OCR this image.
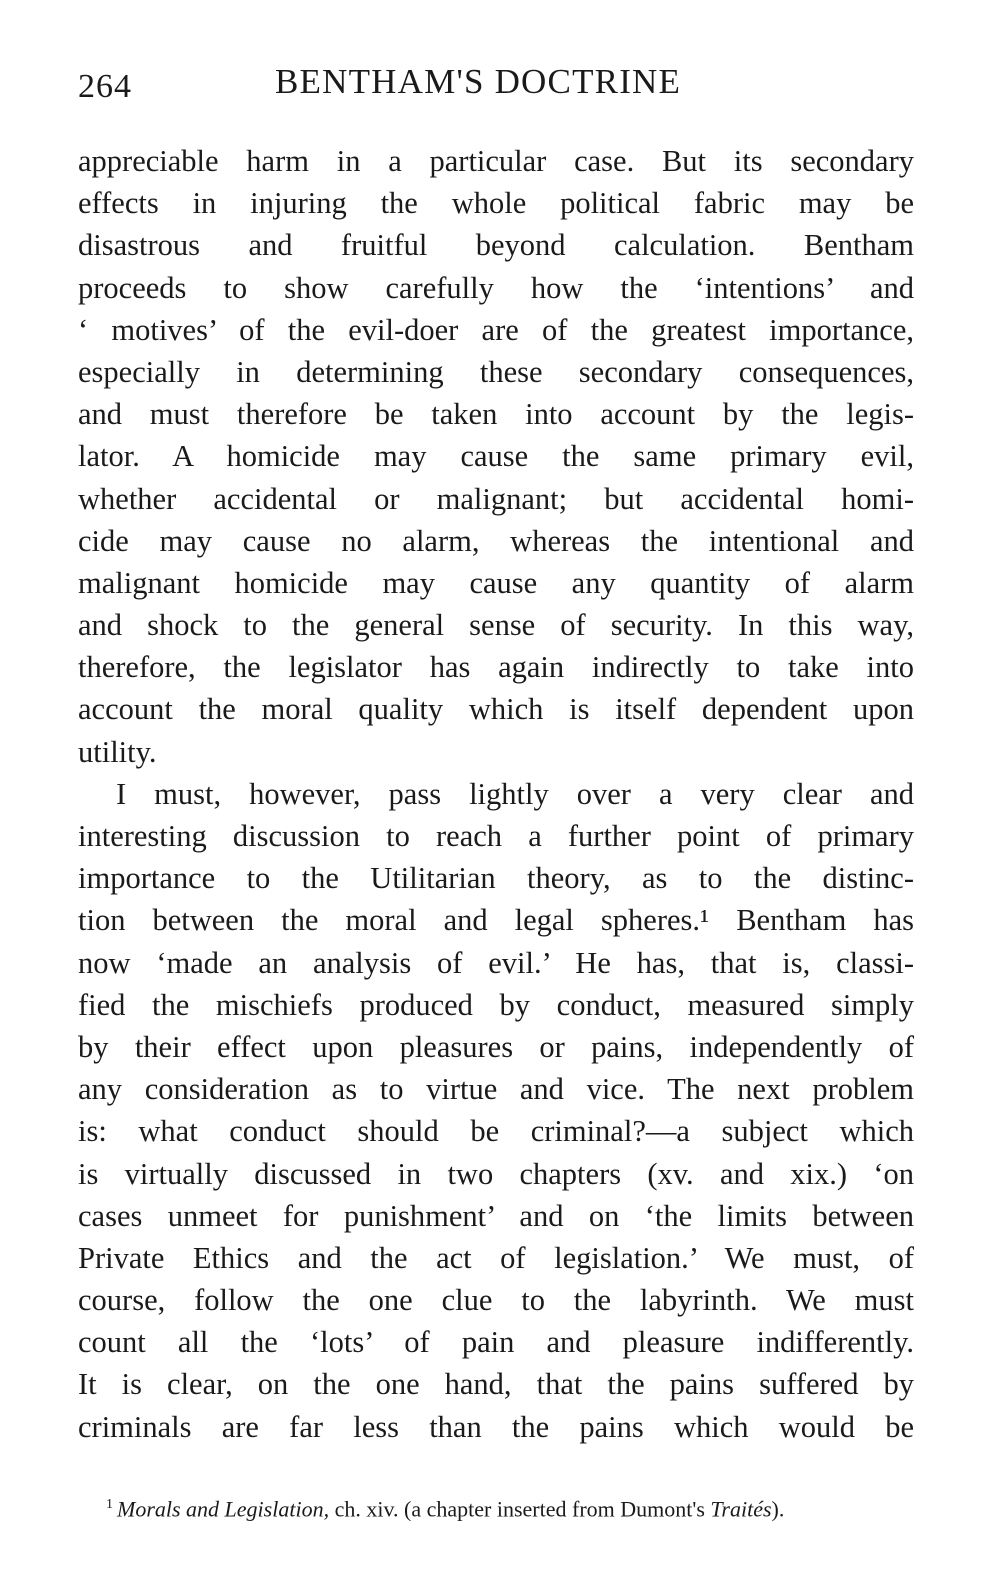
264	BENTHAM'S DOCTRINE
appreciable harm in a particular case. But its secondary
effects in injuring the whole political fabric may be
disastrous and fruitful beyond calculation. Bentham
proceeds to show carefully how the ‘intentions’ and
‘ motives’ of the evil-doer are of the greatest importance,
especially in determining these secondary consequences,
and must therefore be taken into account by the legis-
lator. A homicide may cause the same primary evil,
whether accidental or malignant; but accidental homi-
cide may cause no alarm, whereas the intentional and
malignant homicide may cause any quantity of alarm
and shock to the general sense of security. In this way,
therefore, the legislator has again indirectly to take into
account the moral quality which is itself dependent upon
utility.
I must, however, pass lightly over a very clear and
interesting discussion to reach a further point of primary
importance to the Utilitarian theory, as to the distinc-
tion between the moral and legal spheres.¹ Bentham has
now ‘made an analysis of evil.’ He has, that is, classi-
fied the mischiefs produced by conduct, measured simply
by their effect upon pleasures or pains, independently of
any consideration as to virtue and vice. The next problem
is: what conduct should be criminal?—a subject which
is virtually discussed in two chapters (xv. and xix.) ‘on
cases unmeet for punishment’ and on ‘the limits between
Private Ethics and the act of legislation.’ We must, of
course, follow the one clue to the labyrinth. We must
count all the ‘lots’ of pain and pleasure indifferently.
It is clear, on the one hand, that the pains suffered by
criminals are far less than the pains which would be
$^1$ Morals and Legislation, ch. xiv. (a chapter inserted from Dumont's Traités).
